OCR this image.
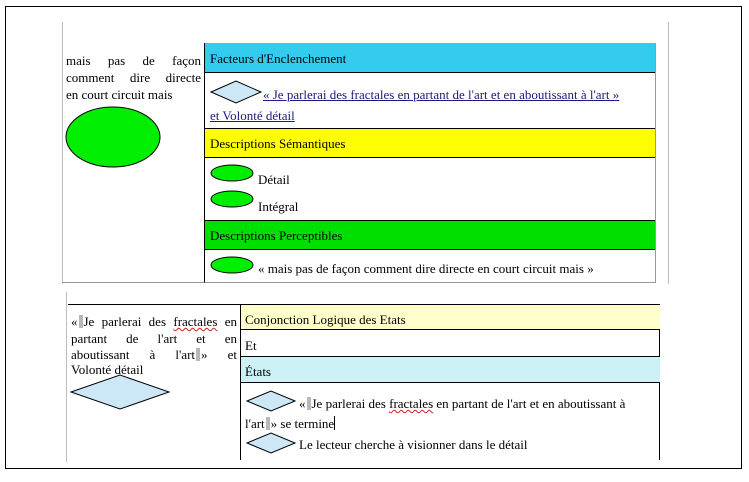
mais pas de façon
comment dire directe
en court circuit mais
Facteurs d'Enclenchement
« Je parlerai des fractales en partant de l'art et en aboutissant à l'art »
et Volonté détail
Descriptions Sémantiques
Détail
Intégral
Descriptions Perceptibles
« mais pas de façon comment dire directe en court circuit mais »
« Je parlerai des fractales en
partant de l'art et en
aboutissant à l'art » et
Volonté détail
Conjonction Logique des Etats
Et
États
« Je parlerai des fractales en partant de l'art et en aboutissant à
l'art » se termine
Le lecteur cherche à visionner dans le détail
